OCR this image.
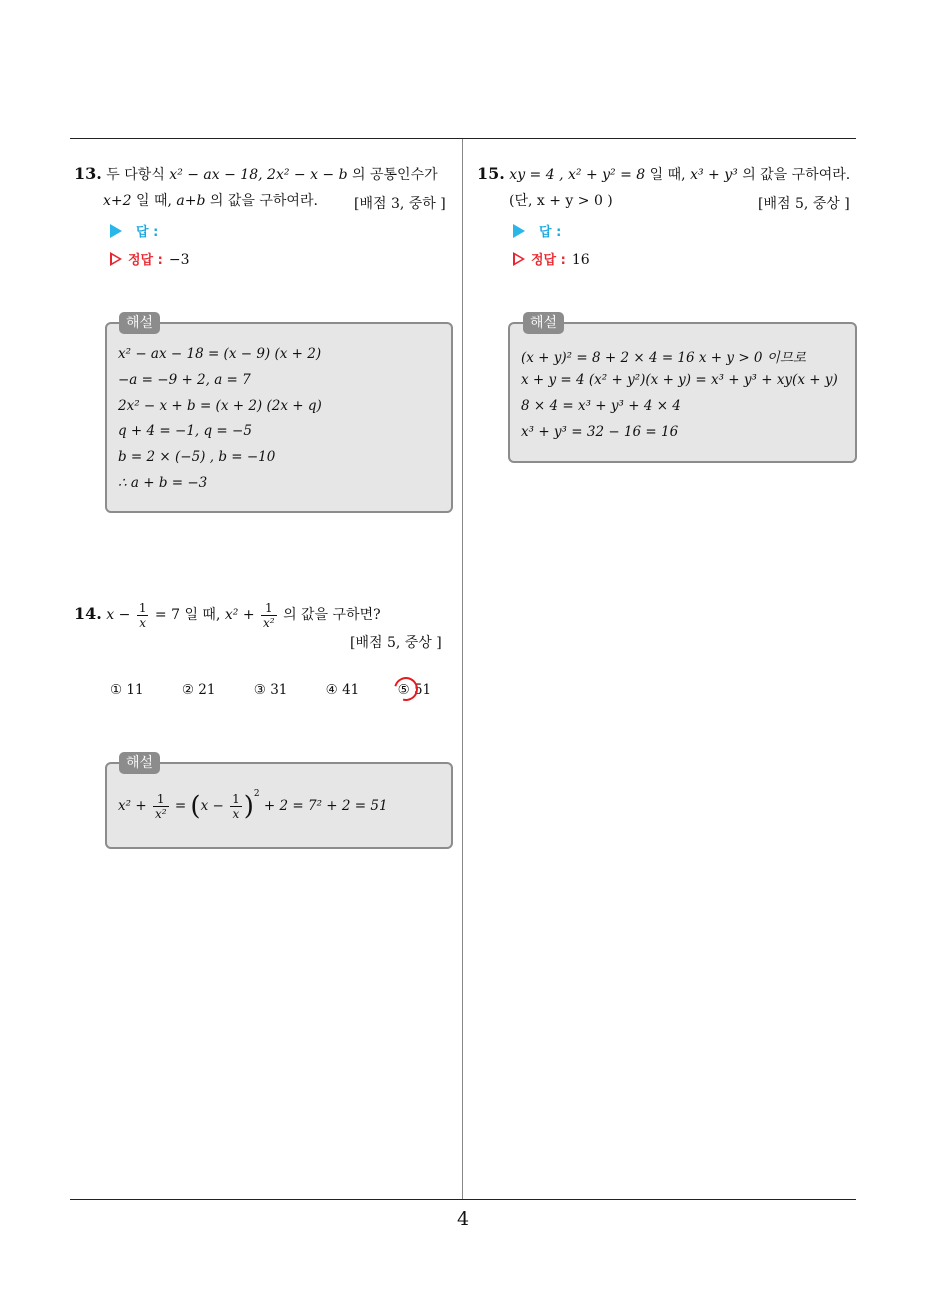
4
13. 두 다항식 x² − ax − 18, 2x² − x − b 의 공통인수가
x+2 일 때, a+b 의 값을 구하여라.	[배점 3, 중하 ]
답 :
정답 : −3
해설
x² − ax − 18 = (x − 9) (x + 2)
−a = −9 + 2, a = 7
2x² − x + b = (x + 2) (2x + q)
q + 4 = −1, q = −5
b = 2 × (−5) , b = −10
∴ a + b = −3
14. $x - \frac{1}{x} = 7$ 일 때, $x^2 + \frac{1}{\text{x²}}$ 의 값을 구하면?
[배점 5, 중상 ]
① 11	② 21	③ 31	④ 41	⑤ 51
해설
$x^2 + \frac{1}{\text{x²}} = (x - \frac{1}{x} )^2 + 2 = 7^2 + 2 = 51$
15. xy = 4 , x² + y² = 8 일 때, x³ + y³ 의 값을 구하여라.
(단, x + y > 0 )	[배점 5, 중상 ]
답 :
정답 : 16
해설
(x + y)² = 8 + 2 × 4 = 16 x + y > 0 이므로
x + y = 4 (x² + y²)(x + y) = x³ + y³ + xy(x + y)
8 × 4 = x³ + y³ + 4 × 4
x³ + y³ = 32 − 16 = 16
